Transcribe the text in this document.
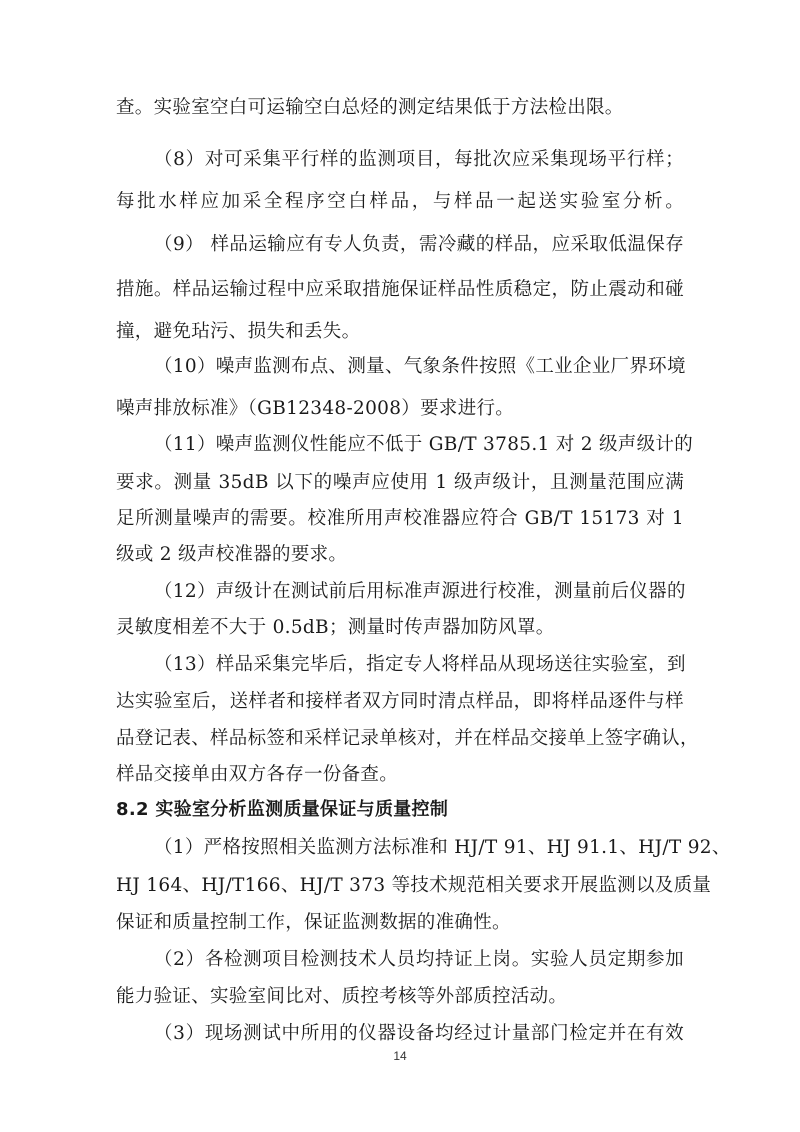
查。实验室空白可运输空白总烃的测定结果低于方法检出限。
（8）对可采集平行样的监测项目，每批次应采集现场平行样；
每批水样应加采全程序空白样品，与样品一起送实验室分析。
（9） 样品运输应有专人负责，需冷藏的样品，应采取低温保存
措施。样品运输过程中应采取措施保证样品性质稳定，防止震动和碰
撞，避免玷污、损失和丢失。
（10）噪声监测布点、测量、气象条件按照《工业企业厂界环境
噪声排放标准》（GB12348-2008）要求进行。
（11）噪声监测仪性能应不低于 GB/T 3785.1 对 2 级声级计的
要求。测量 35dB 以下的噪声应使用 1 级声级计，且测量范围应满
足所测量噪声的需要。校准所用声校准器应符合 GB/T 15173 对 1
级或 2 级声校准器的要求。
（12）声级计在测试前后用标准声源进行校准，测量前后仪器的
灵敏度相差不大于 0.5dB；测量时传声器加防风罩。
（13）样品采集完毕后，指定专人将样品从现场送往实验室，到
达实验室后，送样者和接样者双方同时清点样品，即将样品逐件与样
品登记表、样品标签和采样记录单核对，并在样品交接单上签字确认，
样品交接单由双方各存一份备查。
8.2 实验室分析监测质量保证与质量控制
（1）严格按照相关监测方法标准和 HJ/T 91、HJ 91.1、HJ/T 92、
HJ 164、HJ/T166、HJ/T 373 等技术规范相关要求开展监测以及质量
保证和质量控制工作，保证监测数据的准确性。
（2）各检测项目检测技术人员均持证上岗。实验人员定期参加
能力验证、实验室间比对、质控考核等外部质控活动。
（3）现场测试中所用的仪器设备均经过计量部门检定并在有效
14
